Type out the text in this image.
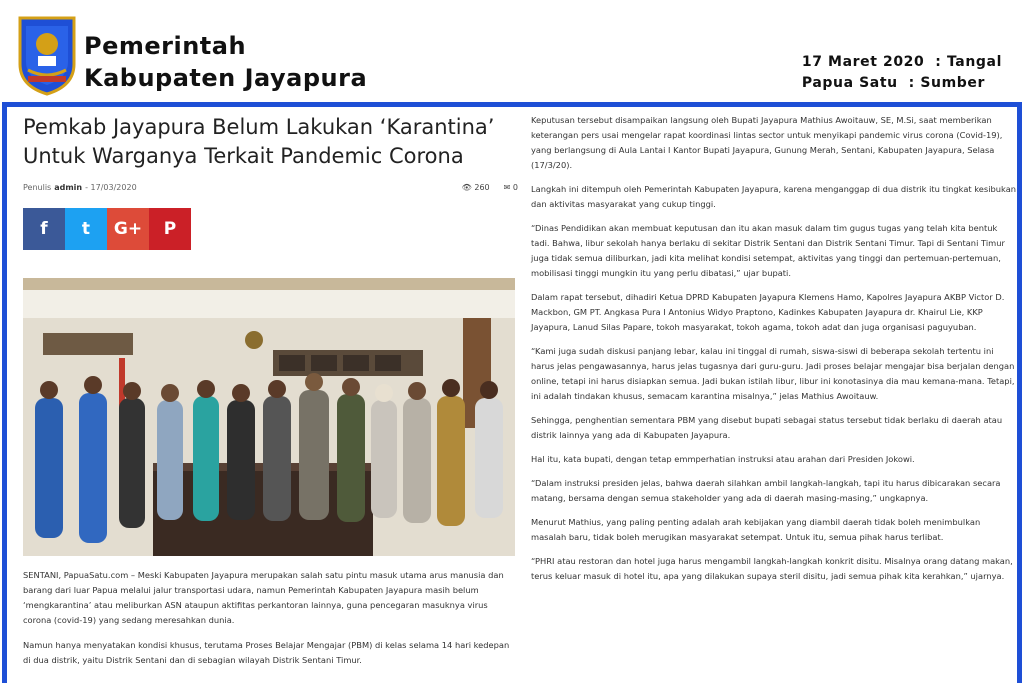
Pemerintah
Kabupaten Jayapura
17 Maret 2020  : Tangal
Papua Satu  : Sumber
Pemkab Jayapura Belum Lakukan ‘Karantina’ Untuk Warganya Terkait Pandemic Corona
Penulis admin - 17/03/2020	👁 260 ✉ 0
f t G+ P

SENTANI, PapuaSatu.com – Meski Kabupaten Jayapura merupakan salah satu pintu masuk utama arus manusia dan barang dari luar Papua melalui jalur transportasi udara, namun Pemerintah Kabupaten Jayapura masih belum ‘mengkarantina’ atau meliburkan ASN ataupun aktifitas perkantoran lainnya, guna pencegaran masuknya virus corona (covid-19) yang sedang meresahkan dunia.

Namun hanya menyatakan kondisi khusus, terutama Proses Belajar Mengajar (PBM) di kelas selama 14 hari kedepan di dua distrik, yaitu Distrik Sentani dan di sebagian wilayah Distrik Sentani Timur.

Keputusan tersebut disampaikan langsung oleh Bupati Jayapura Mathius Awoitauw, SE, M.Si, saat memberikan keterangan pers usai mengelar rapat koordinasi lintas sector untuk menyikapi pandemic virus corona (Covid-19), yang berlangsung di Aula Lantai I Kantor Bupati Jayapura, Gunung Merah, Sentani, Kabupaten Jayapura, Selasa (17/3/20).

Langkah ini ditempuh oleh Pemerintah Kabupaten Jayapura, karena menganggap di dua distrik itu tingkat kesibukan dan aktivitas masyarakat yang cukup tinggi.

“Dinas Pendidikan akan membuat keputusan dan itu akan masuk dalam tim gugus tugas yang telah kita bentuk tadi. Bahwa, libur sekolah hanya berlaku di sekitar Distrik Sentani dan Distrik Sentani Timur. Tapi di Sentani Timur juga tidak semua diliburkan, jadi kita melihat kondisi setempat, aktivitas yang tinggi dan pertemuan-pertemuan, mobilisasi tinggi mungkin itu yang perlu dibatasi,” ujar bupati.

Dalam rapat tersebut, dihadiri Ketua DPRD Kabupaten Jayapura Klemens Hamo, Kapolres Jayapura AKBP Victor D. Mackbon, GM PT. Angkasa Pura I Antonius Widyo Praptono, Kadinkes Kabupaten Jayapura dr. Khairul Lie, KKP Jayapura, Lanud Silas Papare, tokoh masyarakat, tokoh agama, tokoh adat dan juga organisasi paguyuban.

“Kami juga sudah diskusi panjang lebar, kalau ini tinggal di rumah, siswa-siswi di beberapa sekolah tertentu ini harus jelas pengawasannya, harus jelas tugasnya dari guru-guru. Jadi proses belajar mengajar bisa berjalan dengan online, tetapi ini harus disiapkan semua. Jadi bukan istilah libur, libur ini konotasinya dia mau kemana-mana. Tetapi, ini adalah tindakan khusus, semacam karantina misalnya,” jelas Mathius Awoitauw.

Sehingga, penghentian sementara PBM yang disebut bupati sebagai status tersebut tidak berlaku di daerah atau distrik lainnya yang ada di Kabupaten Jayapura.

Hal itu, kata bupati, dengan tetap emmperhatian instruksi atau arahan dari Presiden Jokowi.

“Dalam instruksi presiden jelas, bahwa daerah silahkan ambil langkah-langkah, tapi itu harus dibicarakan secara matang, bersama dengan semua stakeholder yang ada di daerah masing-masing,” ungkapnya.

Menurut Mathius, yang paling penting adalah arah kebijakan yang diambil daerah tidak boleh menimbulkan masalah baru, tidak boleh merugikan masyarakat setempat. Untuk itu, semua pihak harus terlibat.

“PHRI atau restoran dan hotel juga harus mengambil langkah-langkah konkrit disitu. Misalnya orang datang makan, terus keluar masuk di hotel itu, apa yang dilakukan supaya steril disitu, jadi semua pihak kita kerahkan,” ujarnya.
